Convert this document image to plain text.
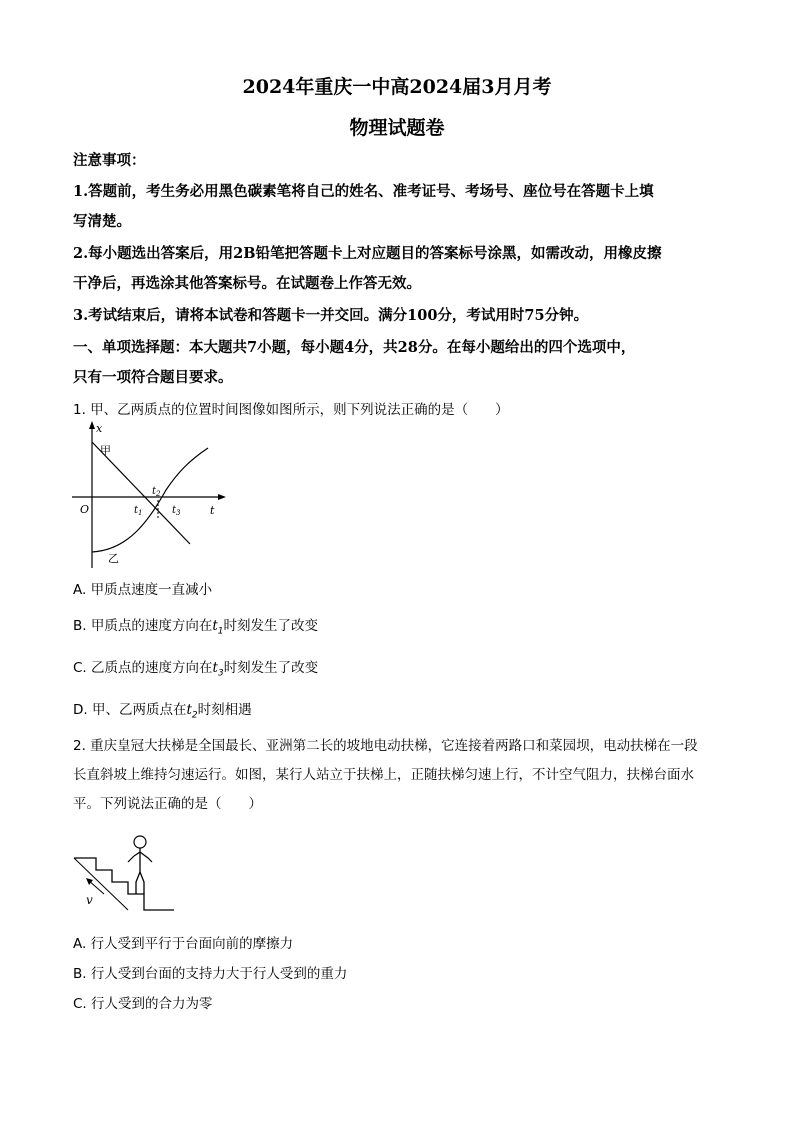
2024年重庆一中高2024届3月月考
物理试题卷
注意事项：
1.答题前，考生务必用黑色碳素笔将自己的姓名、准考证号、考场号、座位号在答题卡上填
写清楚。
2.每小题选出答案后，用2B铅笔把答题卡上对应题目的答案标号涂黑，如需改动，用橡皮擦
干净后，再选涂其他答案标号。在试题卷上作答无效。
3.考试结束后，请将本试卷和答题卡一并交回。满分100分，考试用时75分钟。
一、单项选择题：本大题共7小题，每小题4分，共28分。在每小题给出的四个选项中，
只有一项符合题目要求。
1. 甲、乙两质点的位置时间图像如图所示，则下列说法正确的是（　　）
x
甲
O	$t_1$
$t_2$
$t_3$	t
乙
A. 甲质点速度一直减小
B. 甲质点的速度方向在$t_1$时刻发生了改变
C. 乙质点的速度方向在$t_3$时刻发生了改变
D. 甲、乙两质点在$t_2$时刻相遇
2. 重庆皇冠大扶梯是全国最长、亚洲第二长的坡地电动扶梯，它连接着两路口和菜园坝，电动扶梯在一段
长直斜坡上维持匀速运行。如图，某行人站立于扶梯上，正随扶梯匀速上行，不计空气阻力，扶梯台面水
平。下列说法正确的是（　　）
v
A. 行人受到平行于台面向前的摩擦力
B. 行人受到台面的支持力大于行人受到的重力
C. 行人受到的合力为零
